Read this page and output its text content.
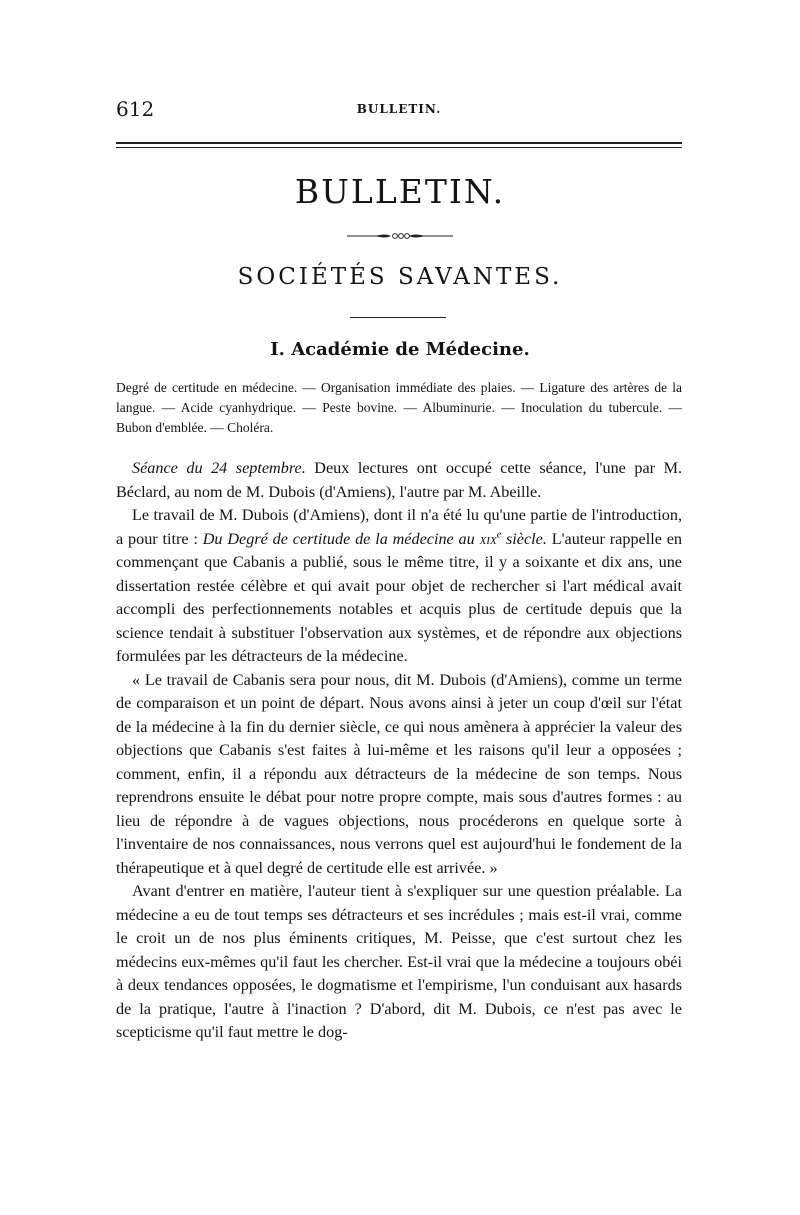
612	BULLETIN.
BULLETIN.
SOCIÉTÉS SAVANTES.
I. Académie de Médecine.
Degré de certitude en médecine. — Organisation immédiate des plaies. — Ligature des artères de la langue. — Acide cyanhydrique. — Peste bovine. — Albuminurie. — Inoculation du tubercule. — Bubon d'emblée. — Choléra.

Séance du 24 septembre. Deux lectures ont occupé cette séance, l'une par M. Béclard, au nom de M. Dubois (d'Amiens), l'autre par M. Abeille.

Le travail de M. Dubois (d'Amiens), dont il n'a été lu qu'une partie de l'introduction, a pour titre : Du Degré de certitude de la médecine au xix$^e$ siècle. L'auteur rappelle en commençant que Cabanis a publié, sous le même titre, il y a soixante et dix ans, une dissertation restée célèbre et qui avait pour objet de rechercher si l'art médical avait accompli des perfectionnements notables et acquis plus de certitude depuis que la science tendait à substituer l'observation aux systèmes, et de répondre aux objections formulées par les détracteurs de la médecine.

« Le travail de Cabanis sera pour nous, dit M. Dubois (d'Amiens), comme un terme de comparaison et un point de départ. Nous avons ainsi à jeter un coup d'œil sur l'état de la médecine à la fin du dernier siècle, ce qui nous amènera à apprécier la valeur des objections que Cabanis s'est faites à lui-même et les raisons qu'il leur a opposées ; comment, enfin, il a répondu aux détracteurs de la médecine de son temps. Nous reprendrons ensuite le débat pour notre propre compte, mais sous d'autres formes : au lieu de répondre à de vagues objections, nous procéderons en quelque sorte à l'inventaire de nos connaissances, nous verrons quel est aujourd'hui le fondement de la thérapeutique et à quel degré de certitude elle est arrivée. »

Avant d'entrer en matière, l'auteur tient à s'expliquer sur une question préalable. La médecine a eu de tout temps ses détracteurs et ses incrédules ; mais est-il vrai, comme le croit un de nos plus éminents critiques, M. Peisse, que c'est surtout chez les médecins eux-mêmes qu'il faut les chercher. Est-il vrai que la médecine a toujours obéi à deux tendances opposées, le dogmatisme et l'empirisme, l'un conduisant aux hasards de la pratique, l'autre à l'inaction ? D'abord, dit M. Dubois, ce n'est pas avec le scepticisme qu'il faut mettre le dog-
